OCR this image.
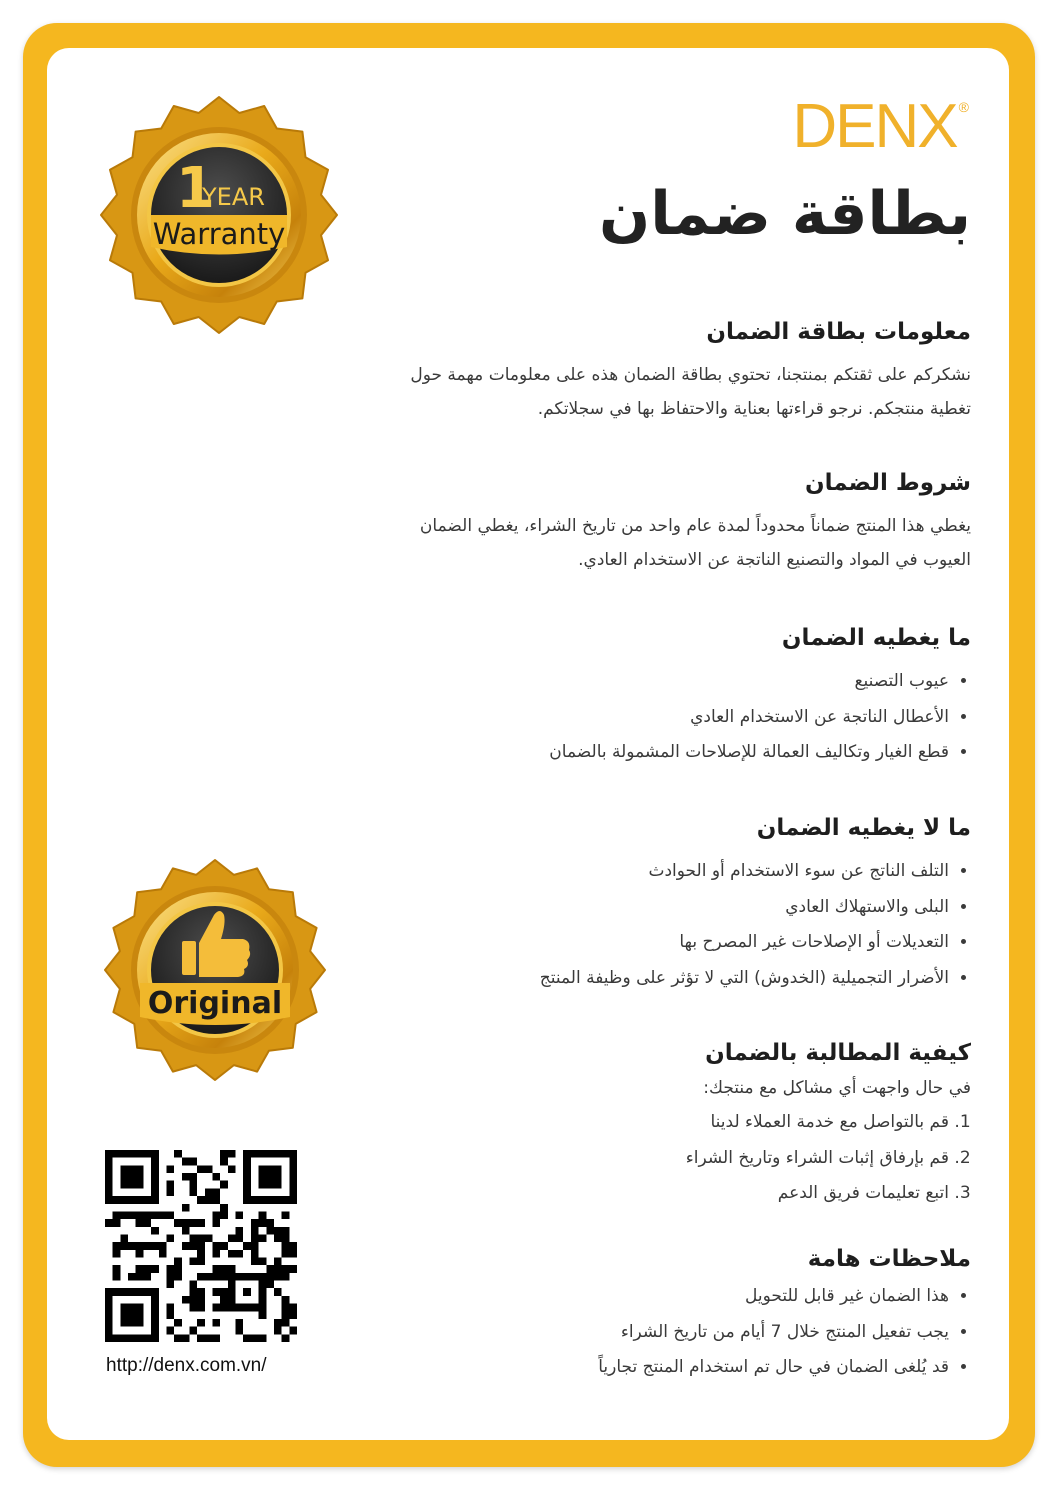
DENX ®
بطاقة ضمان
1
YEAR
Warranty
Original
http://denx.com.vn/
معلومات بطاقة الضمان

نشكركم على ثقتكم بمنتجنا، تحتوي بطاقة الضمان هذه على معلومات مهمة حول تغطية منتجكم. نرجو قراءتها بعناية والاحتفاظ بها في سجلاتكم.

شروط الضمان

يغطي هذا المنتج ضماناً محدوداً لمدة عام واحد من تاريخ الشراء، يغطي الضمان العيوب في المواد والتصنيع الناتجة عن الاستخدام العادي.

ما يغطيه الضمان
• عيوب التصنيع
• الأعطال الناتجة عن الاستخدام العادي
• قطع الغيار وتكاليف العمالة للإصلاحات المشمولة بالضمان
ما لا يغطيه الضمان
• التلف الناتج عن سوء الاستخدام أو الحوادث
• البلى والاستهلاك العادي
• التعديلات أو الإصلاحات غير المصرح بها
• الأضرار التجميلية (الخدوش) التي لا تؤثر على وظيفة المنتج
كيفية المطالبة بالضمان

في حال واجهت أي مشاكل مع منتجك:

1. قم بالتواصل مع خدمة العملاء لدينا
2. قم بإرفاق إثبات الشراء وتاريخ الشراء
3. اتبع تعليمات فريق الدعم
ملاحظات هامة
• هذا الضمان غير قابل للتحويل
• يجب تفعيل المنتج خلال 7 أيام من تاريخ الشراء
• قد يُلغى الضمان في حال تم استخدام المنتج تجارياً
